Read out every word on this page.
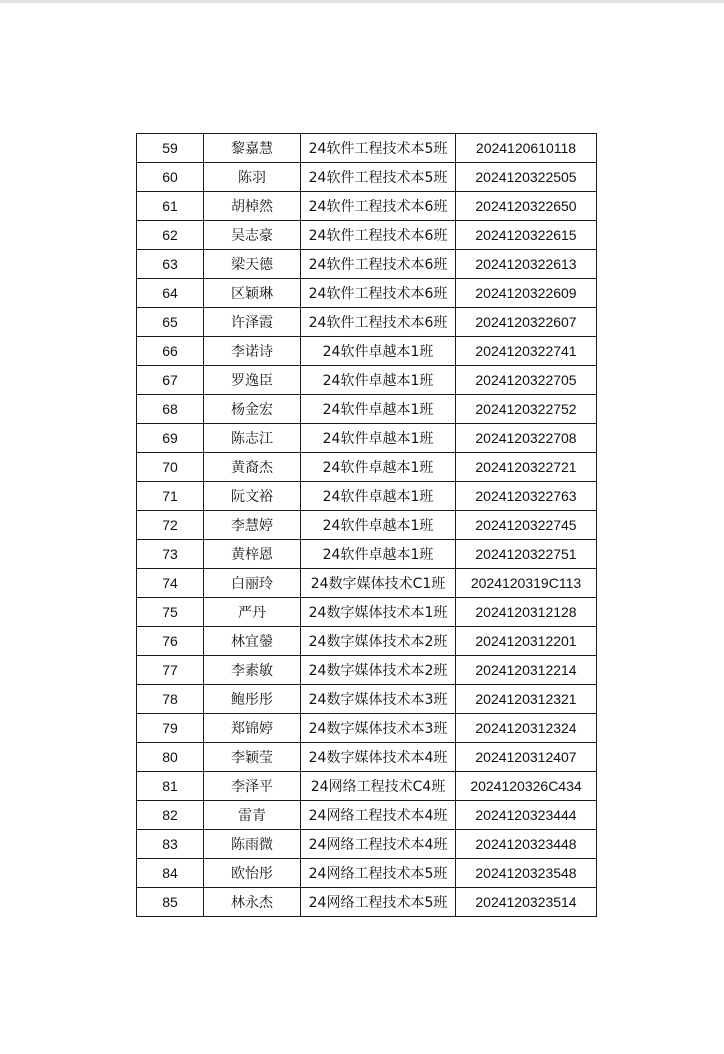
59	黎嘉慧	24软件工程技术本5班	2024120610118
60	陈羽	24软件工程技术本5班	2024120322505
61	胡棹然	24软件工程技术本6班	2024120322650
62	吴志豪	24软件工程技术本6班	2024120322615
63	梁天德	24软件工程技术本6班	2024120322613
64	区颖琳	24软件工程技术本6班	2024120322609
65	许泽霞	24软件工程技术本6班	2024120322607
66	李诺诗	24软件卓越本1班	2024120322741
67	罗逸臣	24软件卓越本1班	2024120322705
68	杨金宏	24软件卓越本1班	2024120322752
69	陈志江	24软件卓越本1班	2024120322708
70	黄裔杰	24软件卓越本1班	2024120322721
71	阮文裕	24软件卓越本1班	2024120322763
72	李慧婷	24软件卓越本1班	2024120322745
73	黄梓恩	24软件卓越本1班	2024120322751
74	白丽玲	24数字媒体技术C1班	2024120319C113
75	严丹	24数字媒体技术本1班	2024120312128
76	林宜鎣	24数字媒体技术本2班	2024120312201
77	李素敏	24数字媒体技术本2班	2024120312214
78	鲍彤彤	24数字媒体技术本3班	2024120312321
79	郑锦婷	24数字媒体技术本3班	2024120312324
80	李颖莹	24数字媒体技术本4班	2024120312407
81	李泽平	24网络工程技术C4班	2024120326C434
82	雷青	24网络工程技术本4班	2024120323444
83	陈雨微	24网络工程技术本4班	2024120323448
84	欧怡彤	24网络工程技术本5班	2024120323548
85	林永杰	24网络工程技术本5班	2024120323514
